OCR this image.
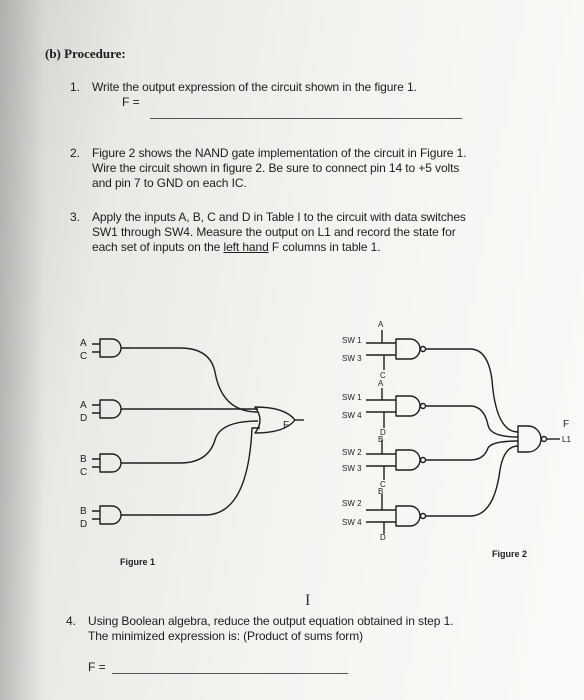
(b) Procedure:
1. Write the output expression of the circuit shown in the figure 1.
F =
2. Figure 2 shows the NAND gate implementation of the circuit in Figure 1.
Wire the circuit shown in figure 2. Be sure to connect pin 14 to +5 volts
and pin 7 to GND on each IC.
3. Apply the inputs A, B, C and D in Table I to the circuit with data switches
SW1 through SW4. Measure the output on L1 and record the state for
each set of inputs on the left hand F columns in table 1.
4. Using Boolean algebra, reduce the output equation obtained in step 1.
The minimized expression is: (Product of sums form)
F =
I
A
C
A
D
B
C
B
D
F
Figure 1
SW 1
SW 3
A
C
SW 1
SW 4
A
D
SW 2
SW 3
B
C
SW 2
SW 4
B
D
F
L1
Figure 2
